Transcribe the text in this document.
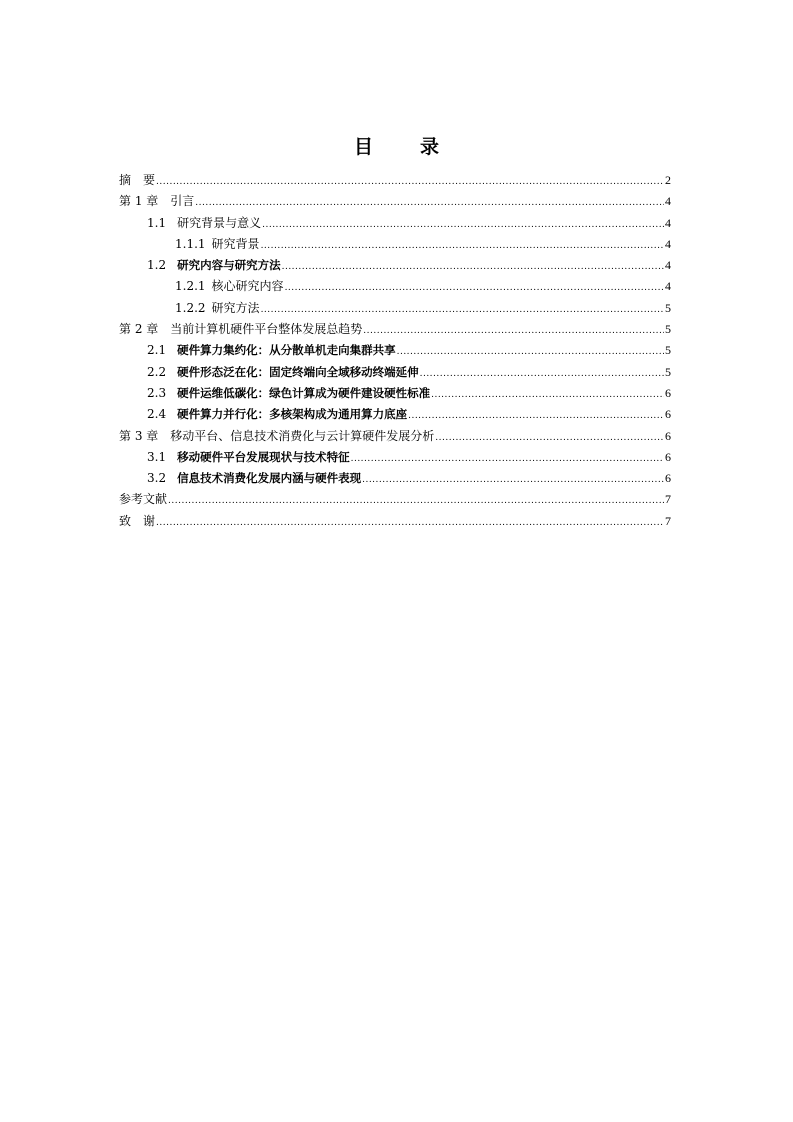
目　录
摘　要 .....	2
第 1 章 引言 .....	4
1.1 研究背景与意义 .....	4
1.1.1 研究背景 .....	4
1.2 研究内容与研究方法 .....	4
1.2.1 核心研究内容 .....	4
1.2.2 研究方法 .....	5
第 2 章 当前计算机硬件平台整体发展总趋势 .....	5
2.1 硬件算力集约化：从分散单机走向集群共享 .....	5
2.2 硬件形态泛在化：固定终端向全域移动终端延伸 .....	5
2.3 硬件运维低碳化：绿色计算成为硬件建设硬性标准 .....	6
2.4 硬件算力并行化：多核架构成为通用算力底座 .....	6
第 3 章 移动平台、信息技术消费化与云计算硬件发展分析 .....	6
3.1 移动硬件平台发展现状与技术特征 .....	6
3.2 信息技术消费化发展内涵与硬件表现 .....	6
参考文献 .....	7
致　谢 .....	7
